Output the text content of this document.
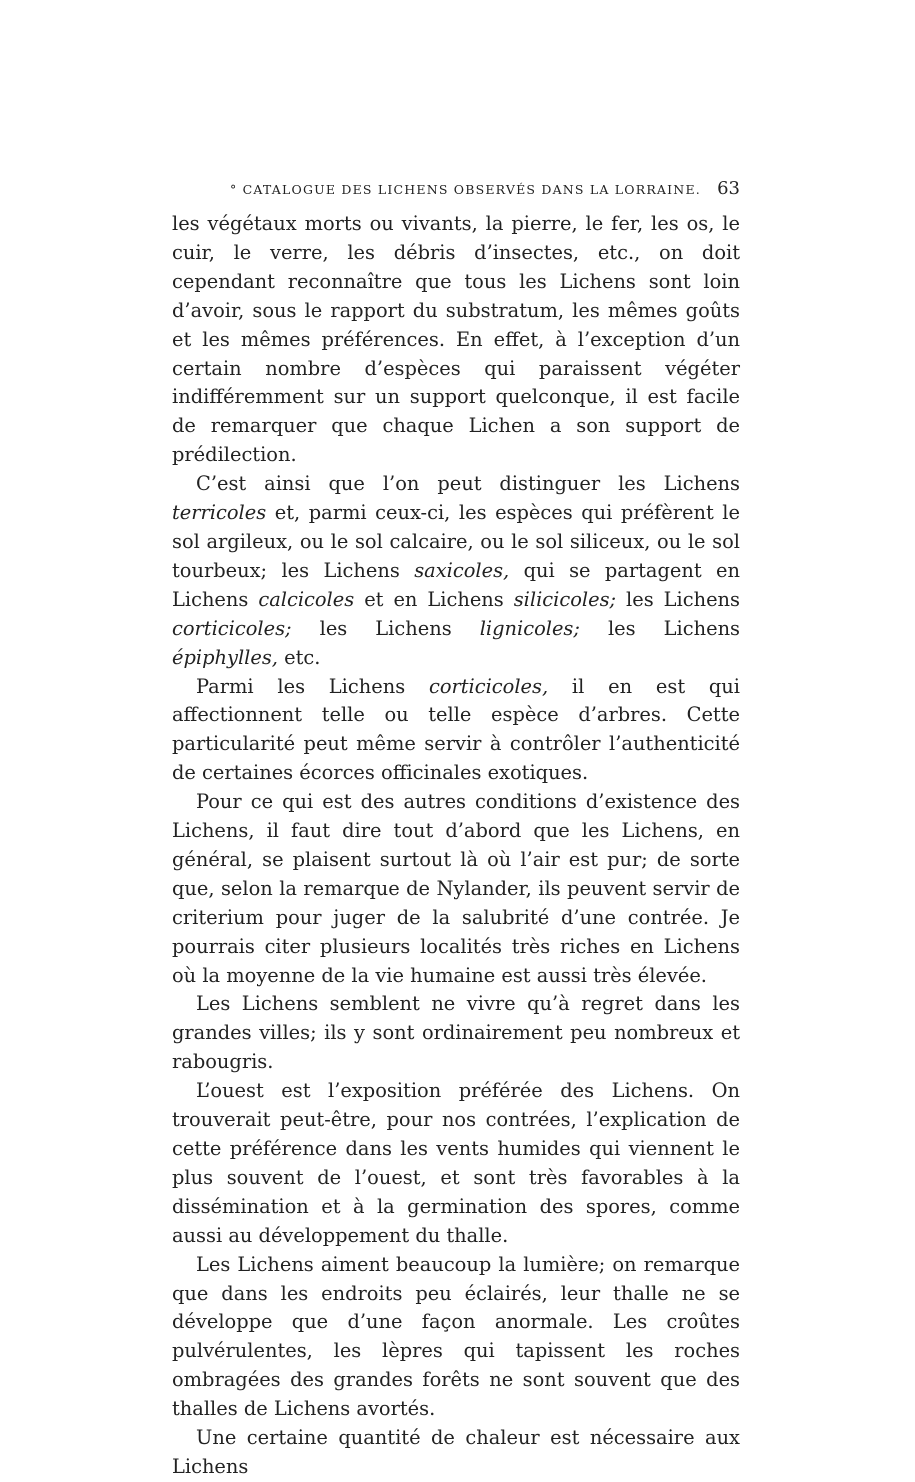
° CATALOGUE DES LICHENS OBSERVÉS DANS LA LORRAINE. 63

les végétaux morts ou vivants, la pierre, le fer, les os, le cuir, le verre, les débris d’insectes, etc., on doit cependant reconnaître que tous les Lichens sont loin d’avoir, sous le rapport du substratum, les mêmes goûts et les mêmes préférences. En effet, à l’exception d’un certain nombre d’espèces qui paraissent végéter indifféremment sur un support quelconque, il est facile de remarquer que chaque Lichen a son support de prédilection.

C’est ainsi que l’on peut distinguer les Lichens terricoles et, parmi ceux-ci, les espèces qui préfèrent le sol argileux, ou le sol calcaire, ou le sol siliceux, ou le sol tourbeux; les Lichens saxicoles, qui se partagent en Lichens calcicoles et en Lichens silicicoles; les Lichens corticicoles; les Lichens lignicoles; les Lichens épiphylles, etc.

Parmi les Lichens corticicoles, il en est qui affectionnent telle ou telle espèce d’arbres. Cette particularité peut même servir à contrôler l’authenticité de certaines écorces officinales exotiques.

Pour ce qui est des autres conditions d’existence des Lichens, il faut dire tout d’abord que les Lichens, en général, se plaisent surtout là où l’air est pur; de sorte que, selon la remarque de Nylander, ils peuvent servir de criterium pour juger de la salubrité d’une contrée. Je pourrais citer plusieurs localités très riches en Lichens où la moyenne de la vie humaine est aussi très élevée.

Les Lichens semblent ne vivre qu’à regret dans les grandes villes; ils y sont ordinairement peu nombreux et rabougris.

L’ouest est l’exposition préférée des Lichens. On trouverait peut-être, pour nos contrées, l’explication de cette préférence dans les vents humides qui viennent le plus souvent de l’ouest, et sont très favorables à la dissémination et à la germination des spores, comme aussi au développement du thalle.

Les Lichens aiment beaucoup la lumière; on remarque que dans les endroits peu éclairés, leur thalle ne se développe que d’une façon anormale. Les croûtes pulvérulentes, les lèpres qui tapissent les roches ombragées des grandes forêts ne sont souvent que des thalles de Lichens avortés.

Une certaine quantité de chaleur est nécessaire aux Lichens
